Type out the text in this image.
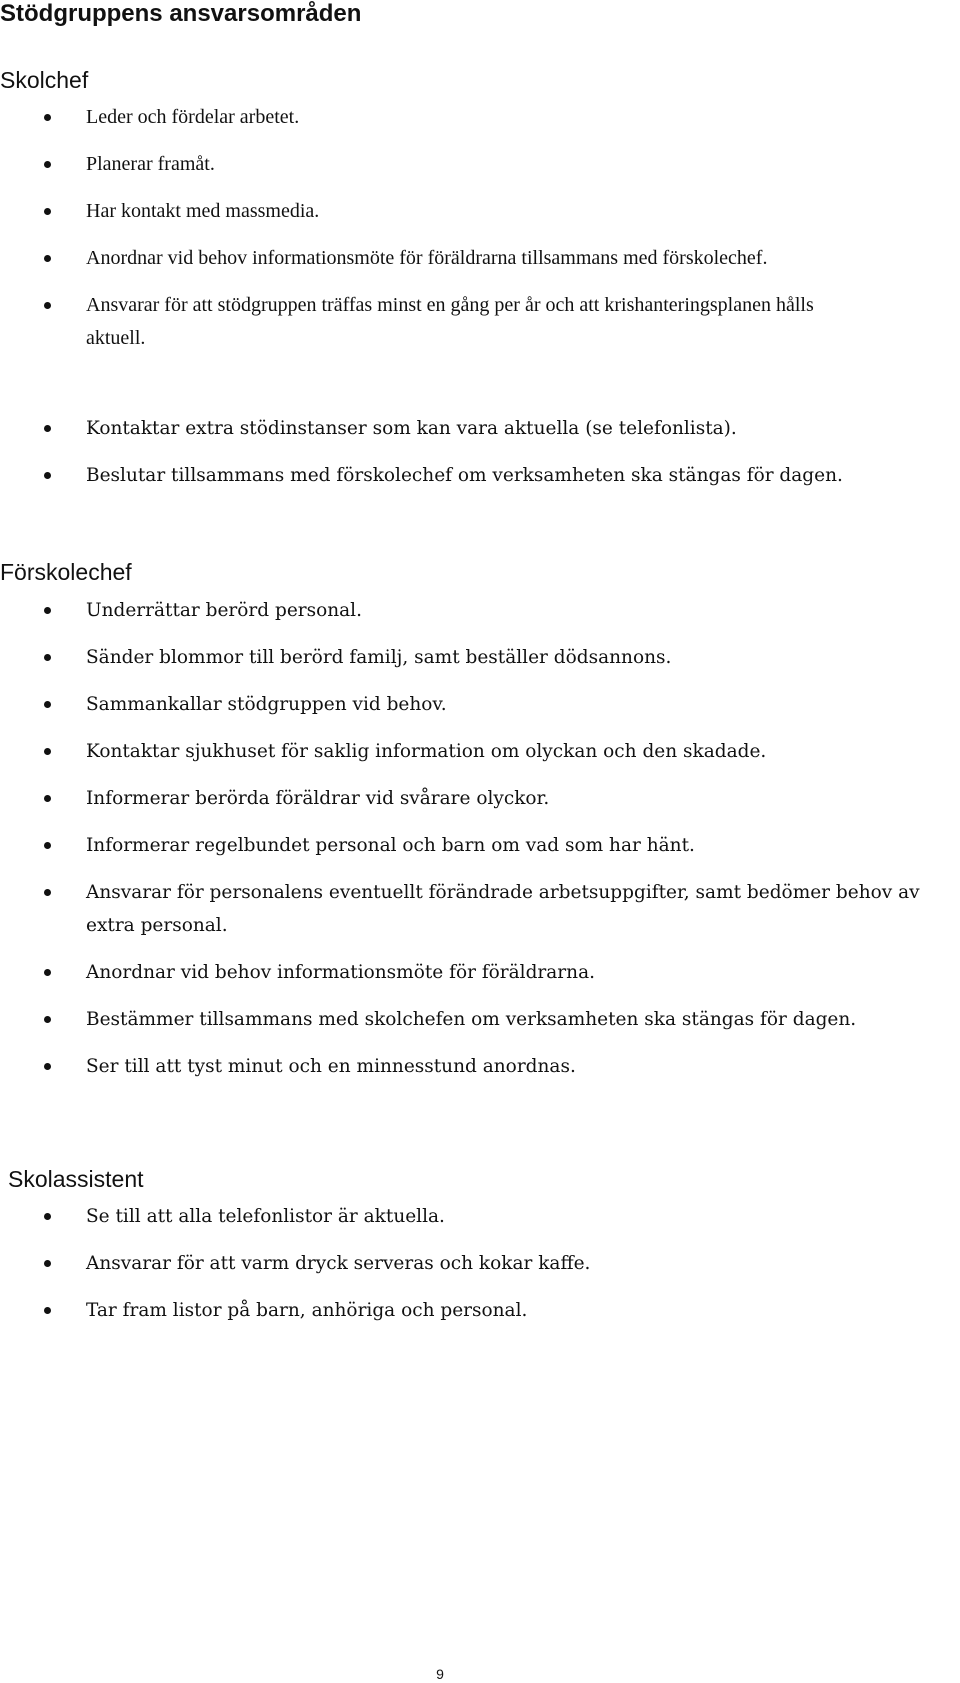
Stödgruppens ansvarsområden
Skolchef
Leder och fördelar arbetet.
Planerar framåt.
Har kontakt med massmedia.
Anordnar vid behov informationsmöte för föräldrarna tillsammans med förskolechef.
Ansvarar för att stödgruppen träffas minst en gång per år och att krishanteringsplanen hålls aktuell.
Kontaktar extra stödinstanser som kan vara aktuella (se telefonlista).
Beslutar tillsammans med förskolechef om verksamheten ska stängas för dagen.
Förskolechef
Underrättar berörd personal.
Sänder blommor till berörd familj, samt beställer dödsannons.
Sammankallar stödgruppen vid behov.
Kontaktar sjukhuset för saklig information om olyckan och den skadade.
Informerar berörda föräldrar vid svårare olyckor.
Informerar regelbundet personal och barn om vad som har hänt.
Ansvarar för personalens eventuellt förändrade arbetsuppgifter, samt bedömer behov av extra personal.
Anordnar vid behov informationsmöte för föräldrarna.
Bestämmer tillsammans med skolchefen om verksamheten ska stängas för dagen.
Ser till att tyst minut och en minnesstund anordnas.
Skolassistent
Se till att alla telefonlistor är aktuella.
Ansvarar för att varm dryck serveras och kokar kaffe.
Tar fram listor på barn, anhöriga och personal.
9
